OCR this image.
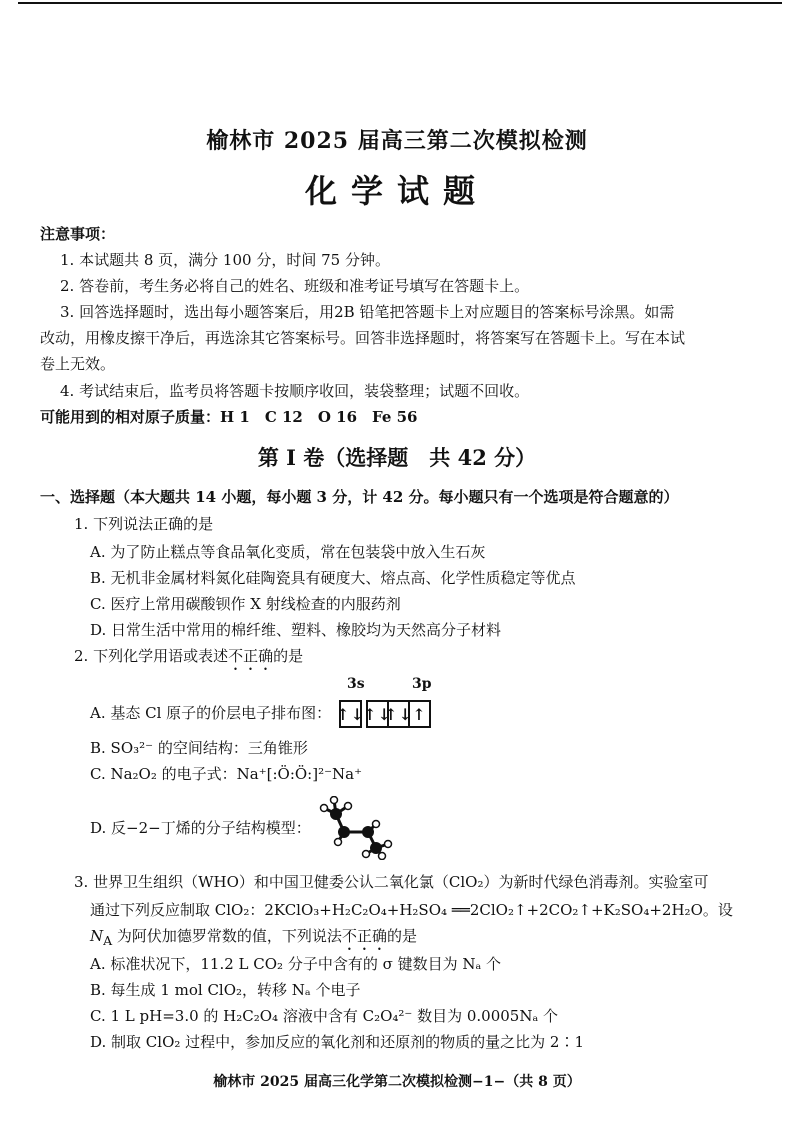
榆林市 2025 届高三第二次模拟检测
化学试题
注意事项：
1. 本试题共 8 页，满分 100 分，时间 75 分钟。
2. 答卷前，考生务必将自己的姓名、班级和准考证号填写在答题卡上。
3. 回答选择题时，选出每小题答案后，用2B 铅笔把答题卡上对应题目的答案标号涂黑。如需
改动，用橡皮擦干净后，再选涂其它答案标号。回答非选择题时，将答案写在答题卡上。写在本试
卷上无效。
4. 考试结束后，监考员将答题卡按顺序收回，装袋整理；试题不回收。
可能用到的相对原子质量：H 1　C 12　O 16　Fe 56
第 Ⅰ 卷（选择题　共 42 分）
一、选择题（本大题共 14 小题，每小题 3 分，计 42 分。每小题只有一个选项是符合题意的）
1. 下列说法正确的是
A. 为了防止糕点等食品氧化变质，常在包装袋中放入生石灰
B. 无机非金属材料氮化硅陶瓷具有硬度大、熔点高、化学性质稳定等优点
C. 医疗上常用碳酸钡作 X 射线检查的内服药剂
D. 日常生活中常用的棉纤维、塑料、橡胶均为天然高分子材料
2. 下列化学用语或表述不正确的是
3s	3p
A. 基态 Cl 原子的价层电子排布图： ↑↓
↑↓
↑↓ ↑
B. SO₃²⁻ 的空间结构：三角锥形
C. Na₂O₂ 的电子式：Na⁺[:Ö:Ö:]²⁻Na⁺
D. 反−2−丁烯的分子结构模型：
3. 世界卫生组织（WHO）和中国卫健委公认二氧化氯（ClO₂）为新时代绿色消毒剂。实验室可
通过下列反应制取 ClO₂：2KClO₃+H₂C₂O₄+H₂SO₄ ══2ClO₂↑+2CO₂↑+K₂SO₄+2H₂O。设
$N_A$ 为阿伏加德罗常数的值，下列说法不正确的是
A. 标准状况下，11.2 L CO₂ 分子中含有的 σ 键数目为 Nₐ 个
B. 每生成 1 mol ClO₂，转移 Nₐ 个电子
C. 1 L pH=3.0 的 H₂C₂O₄ 溶液中含有 C₂O₄²⁻ 数目为 0.0005Nₐ 个
D. 制取 ClO₂ 过程中，参加反应的氧化剂和还原剂的物质的量之比为 2∶1
榆林市 2025 届高三化学第二次模拟检测−1−（共 8 页）
